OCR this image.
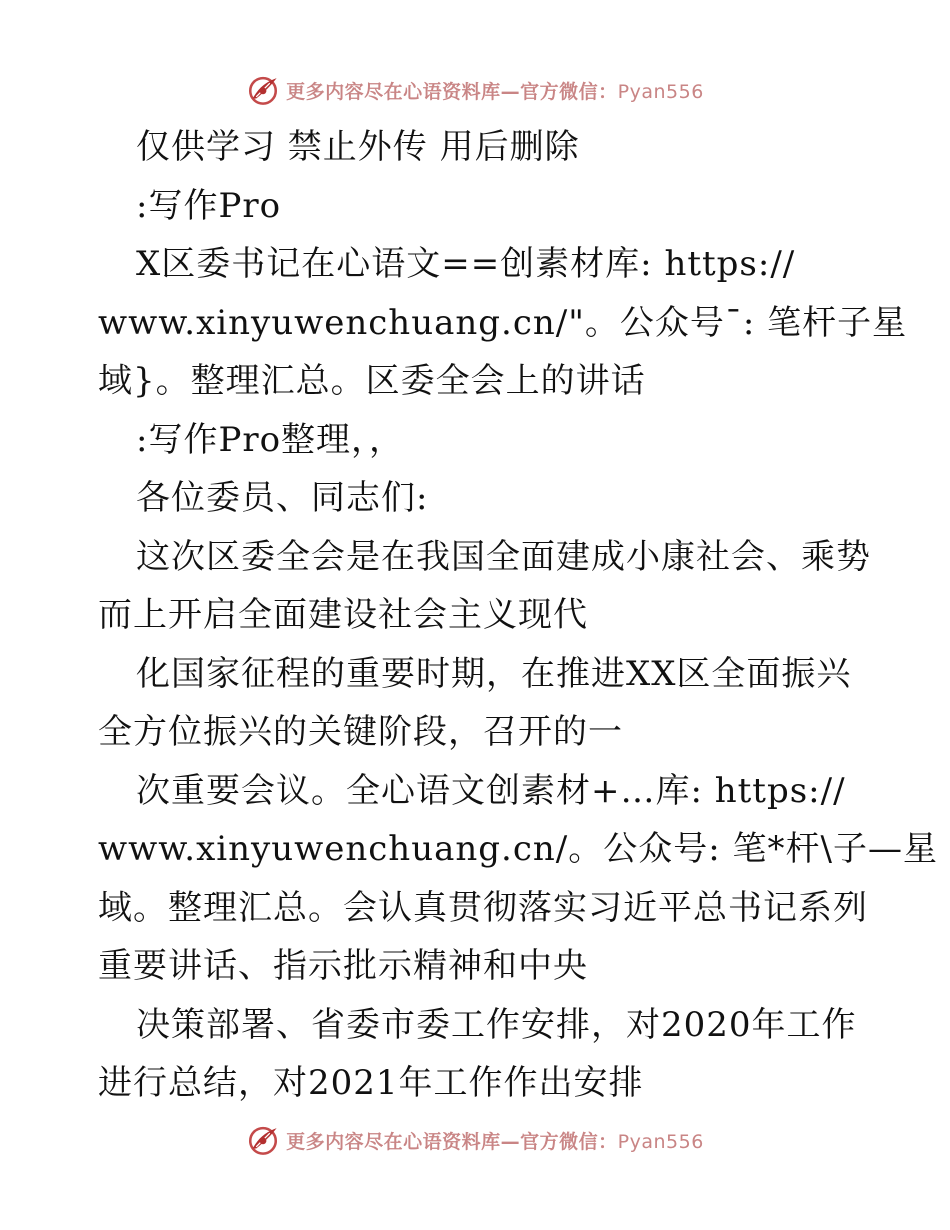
更多内容尽在心语资料库—官方微信：Pyan556
仅供学习 禁止外传 用后删除
:写作Pro
X区委书记在心语文==创素材库: https://
www.xinyuwenchuang.cn/"。公众号¯: 笔杆子星
域}。整理汇总。区委全会上的讲话
:写作Pro整理，，
各位委员、同志们:
这次区委全会是在我国全面建成小康社会、乘势
而上开启全面建设社会主义现代
化国家征程的重要时期，在推进XX区全面振兴
全方位振兴的关键阶段，召开的一
次重要会议。全心语文创素材+…库: https://
www.xinyuwenchuang.cn/。公众号: 笔*杆\子—星
域。整理汇总。会认真贯彻落实习近平总书记系列
重要讲话、指示批示精神和中央
决策部署、省委市委工作安排，对2020年工作
进行总结，对2021年工作作出安排
更多内容尽在心语资料库—官方微信：Pyan556
